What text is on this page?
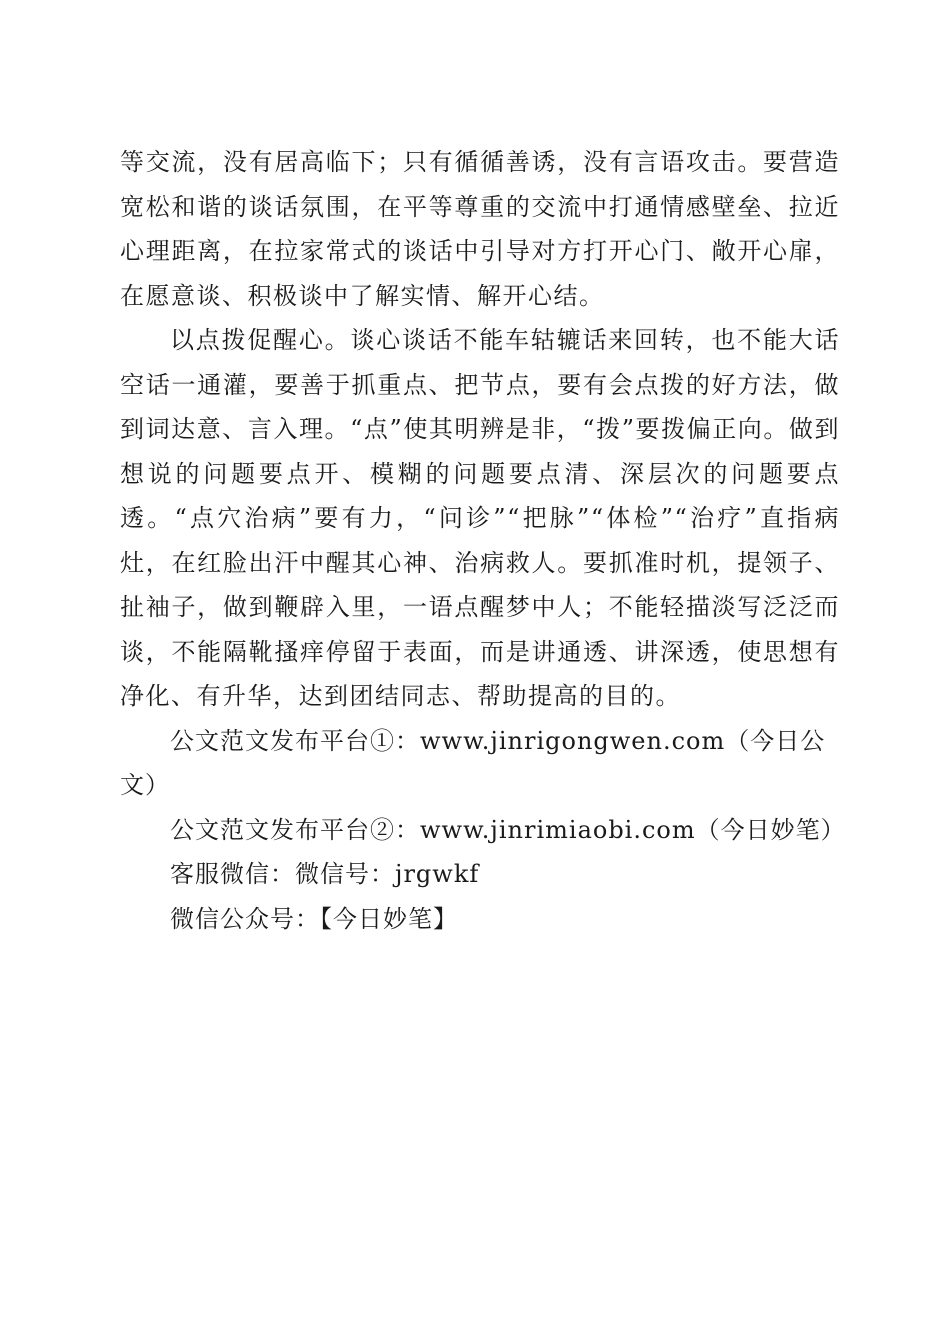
等交流，没有居高临下；只有循循善诱，没有言语攻击。要营造宽松和谐的谈话氛围，在平等尊重的交流中打通情感壁垒、拉近心理距离，在拉家常式的谈话中引导对方打开心门、敞开心扉，在愿意谈、积极谈中了解实情、解开心结。

以点拨促醒心。谈心谈话不能车轱辘话来回转，也不能大话空话一通灌，要善于抓重点、把节点，要有会点拨的好方法，做到词达意、言入理。“点”使其明辨是非，“拨”要拨偏正向。做到想说的问题要点开、模糊的问题要点清、深层次的问题要点透。“点穴治病”要有力，“问诊”“把脉”“体检”“治疗”直指病灶，在红脸出汗中醒其心神、治病救人。要抓准时机，提领子、扯袖子，做到鞭辟入里，一语点醒梦中人；不能轻描淡写泛泛而谈，不能隔靴搔痒停留于表面，而是讲通透、讲深透，使思想有净化、有升华，达到团结同志、帮助提高的目的。

公文范文发布平台①：www.jinrigongwen.com（今日公文）

公文范文发布平台②：www.jinrimiaobi.com（今日妙笔）

客服微信：微信号：jrgwkf

微信公众号：【今日妙笔】
